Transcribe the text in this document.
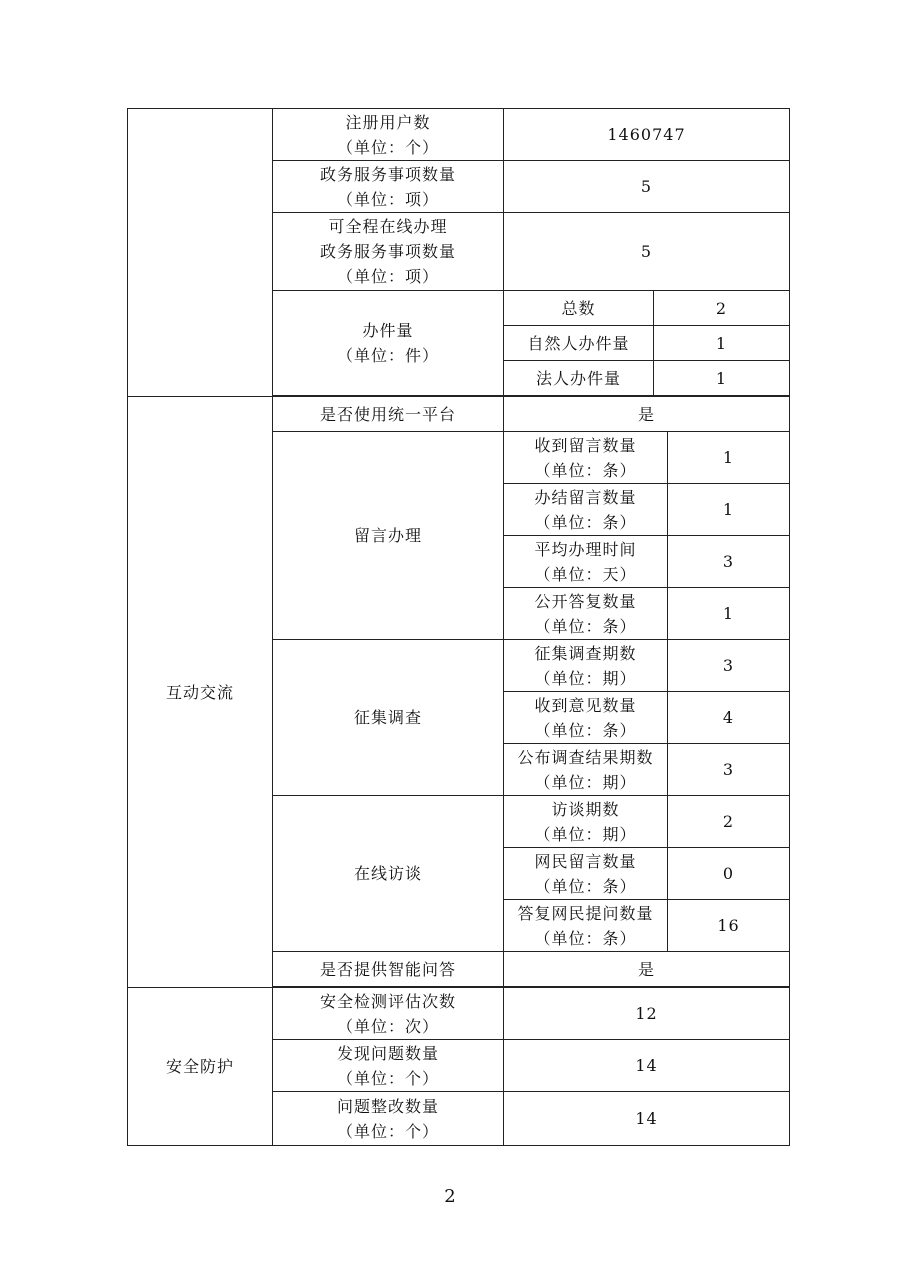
	注册用户数
（单位：个）	1460747		

	政务服务事项数量
（单位：项）	5		

	可全程在线办理
政务服务事项数量
（单位：项）	5		

	办件量
（单位：件）	总数	2	
		自然人办件量	1	
		法人办件量	1	

互动交流	是否使用统一平台	是		
	留言办理	收到留言数量
（单位：条）		1

		办结留言数量
（单位：条）		1

		平均办理时间
（单位：天）		3

		公开答复数量
（单位：条）		1
	征集调查	征集调查期数
（单位：期）		3

		收到意见数量
（单位：条）		4

		公布调查结果期数
（单位：期）		3
	在线访谈	访谈期数
（单位：期）		2

		网民留言数量
（单位：条）		0

		答复网民提问数量
（单位：条）		16
	是否提供智能问答	是		

安全防护	安全检测评估次数
（单位：次）	12		

	发现问题数量
（单位：个）	14		

	问题整改数量
（单位：个）	14		
2
